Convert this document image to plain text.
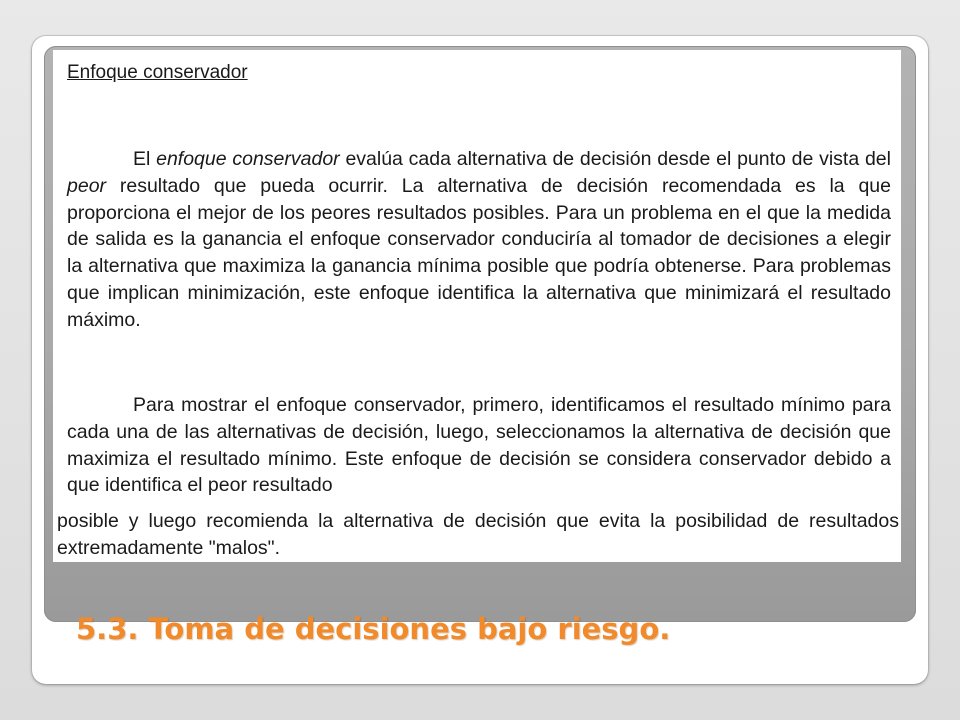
Enfoque conservador
El enfoque conservador evalúa cada alternativa de decisión desde el punto de vista del peor resultado que pueda ocurrir. La alternativa de decisión recomendada es la que proporciona el mejor de los peores resultados posibles. Para un problema en el que la medida de salida es la ganancia el enfoque conservador conduciría al tomador de decisiones a elegir la alternativa que maximiza la ganancia mínima posible que podría obtenerse. Para problemas que implican minimización, este enfoque identifica la alternativa que minimizará el resultado máximo.
Para mostrar el enfoque conservador, primero, identificamos el resultado mínimo para cada una de las alternativas de decisión, luego, seleccionamos la alternativa de decisión que maximiza el resultado mínimo. Este enfoque de decisión se considera conservador debido a que identifica el peor resultado
posible y luego recomienda la alternativa de decisión que evita la posibilidad de resultados extremadamente "malos".
5.3. Toma de decisiones bajo riesgo.
